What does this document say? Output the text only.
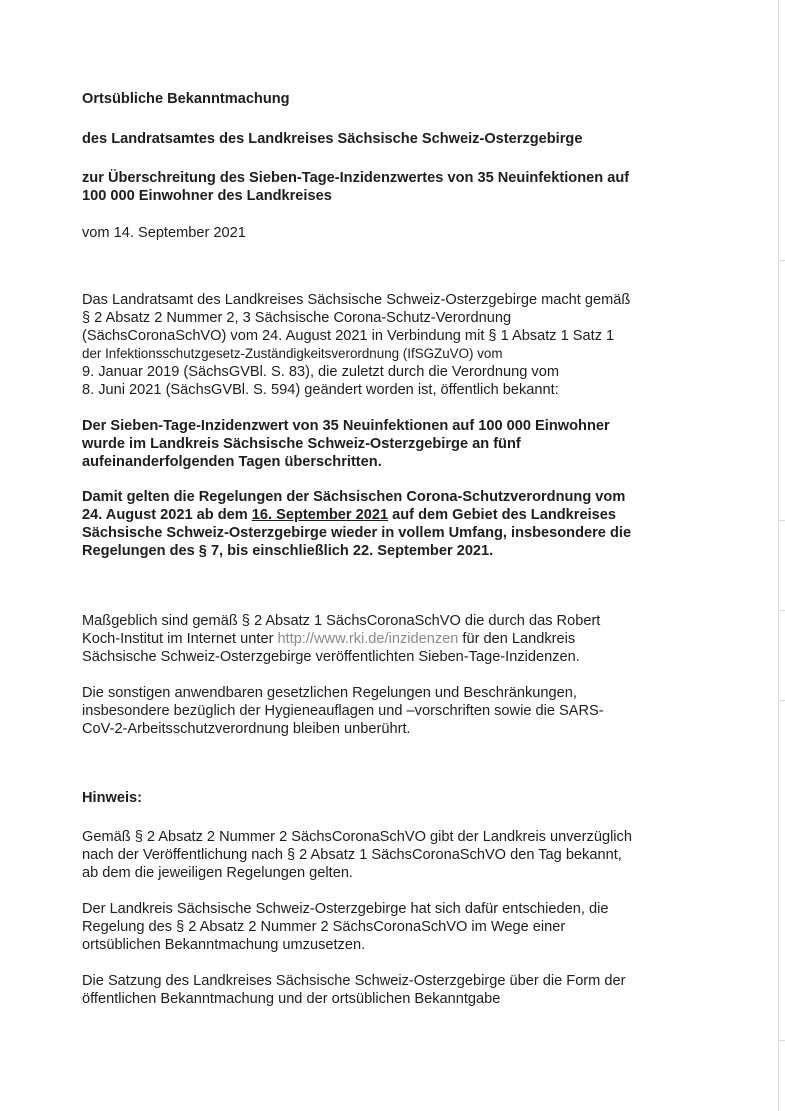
Ortsübliche Bekanntmachung

des Landratsamtes des Landkreises Sächsische Schweiz-Osterzgebirge

zur Überschreitung des Sieben-Tage-Inzidenzwertes von 35 Neuinfektionen auf

100 000 Einwohner des Landkreises

vom 14. September 2021

Das Landratsamt des Landkreises Sächsische Schweiz-Osterzgebirge macht gemäß

§ 2 Absatz 2 Nummer 2, 3 Sächsische Corona-Schutz-Verordnung

(SächsCoronaSchVO) vom 24. August 2021 in Verbindung mit § 1 Absatz 1 Satz 1

der Infektionsschutzgesetz-Zuständigkeitsverordnung (IfSGZuVO) vom

9. Januar 2019 (SächsGVBl. S. 83), die zuletzt durch die Verordnung vom

8. Juni 2021 (SächsGVBl. S. 594) geändert worden ist, öffentlich bekannt:

Der Sieben-Tage-Inzidenzwert von 35 Neuinfektionen auf 100 000 Einwohner

wurde im Landkreis Sächsische Schweiz-Osterzgebirge an fünf

aufeinanderfolgenden Tagen überschritten.

Damit gelten die Regelungen der Sächsischen Corona-Schutzverordnung vom

24. August 2021 ab dem 16. September 2021 auf dem Gebiet des Landkreises

Sächsische Schweiz-Osterzgebirge wieder in vollem Umfang, insbesondere die

Regelungen des § 7, bis einschließlich 22. September 2021.

Maßgeblich sind gemäß § 2 Absatz 1 SächsCoronaSchVO die durch das Robert

Koch-Institut im Internet unter http://www.rki.de/inzidenzen für den Landkreis

Sächsische Schweiz-Osterzgebirge veröffentlichten Sieben-Tage-Inzidenzen.

Die sonstigen anwendbaren gesetzlichen Regelungen und Beschränkungen,

insbesondere bezüglich der Hygieneauflagen und –vorschriften sowie die SARS-

CoV-2-Arbeitsschutzverordnung bleiben unberührt.

Hinweis:

Gemäß § 2 Absatz 2 Nummer 2 SächsCoronaSchVO gibt der Landkreis unverzüglich

nach der Veröffentlichung nach § 2 Absatz 1 SächsCoronaSchVO den Tag bekannt,

ab dem die jeweiligen Regelungen gelten.

Der Landkreis Sächsische Schweiz-Osterzgebirge hat sich dafür entschieden, die

Regelung des § 2 Absatz 2 Nummer 2 SächsCoronaSchVO im Wege einer

ortsüblichen Bekanntmachung umzusetzen.

Die Satzung des Landkreises Sächsische Schweiz-Osterzgebirge über die Form der

öffentlichen Bekanntmachung und der ortsüblichen Bekanntgabe
